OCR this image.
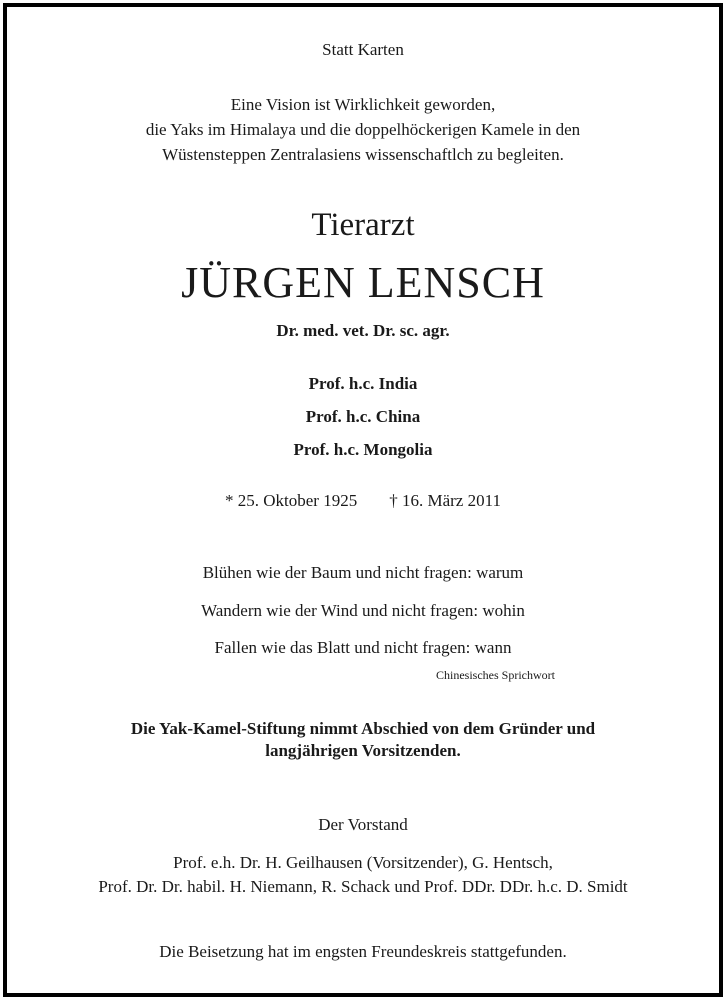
Statt Karten
Eine Vision ist Wirklichkeit geworden,
die Yaks im Himalaya und die doppelhöckerigen Kamele in den
Wüstensteppen Zentralasiens wissenschaftlch zu begleiten.
Tierarzt
JÜRGEN LENSCH
Dr. med. vet. Dr. sc. agr.
Prof. h.c. India
Prof. h.c. China
Prof. h.c. Mongolia
* 25. Oktober 1925 † 16. März 2011
Blühen wie der Baum und nicht fragen: warum
Wandern wie der Wind und nicht fragen: wohin
Fallen wie das Blatt und nicht fragen: wann
Chinesisches Sprichwort
Die Yak-Kamel-Stiftung nimmt Abschied von dem Gründer und
langjährigen Vorsitzenden.
Der Vorstand
Prof. e.h. Dr. H. Geilhausen (Vorsitzender), G. Hentsch,
Prof. Dr. Dr. habil. H. Niemann, R. Schack und Prof. DDr. DDr. h.c. D. Smidt
Die Beisetzung hat im engsten Freundeskreis stattgefunden.
